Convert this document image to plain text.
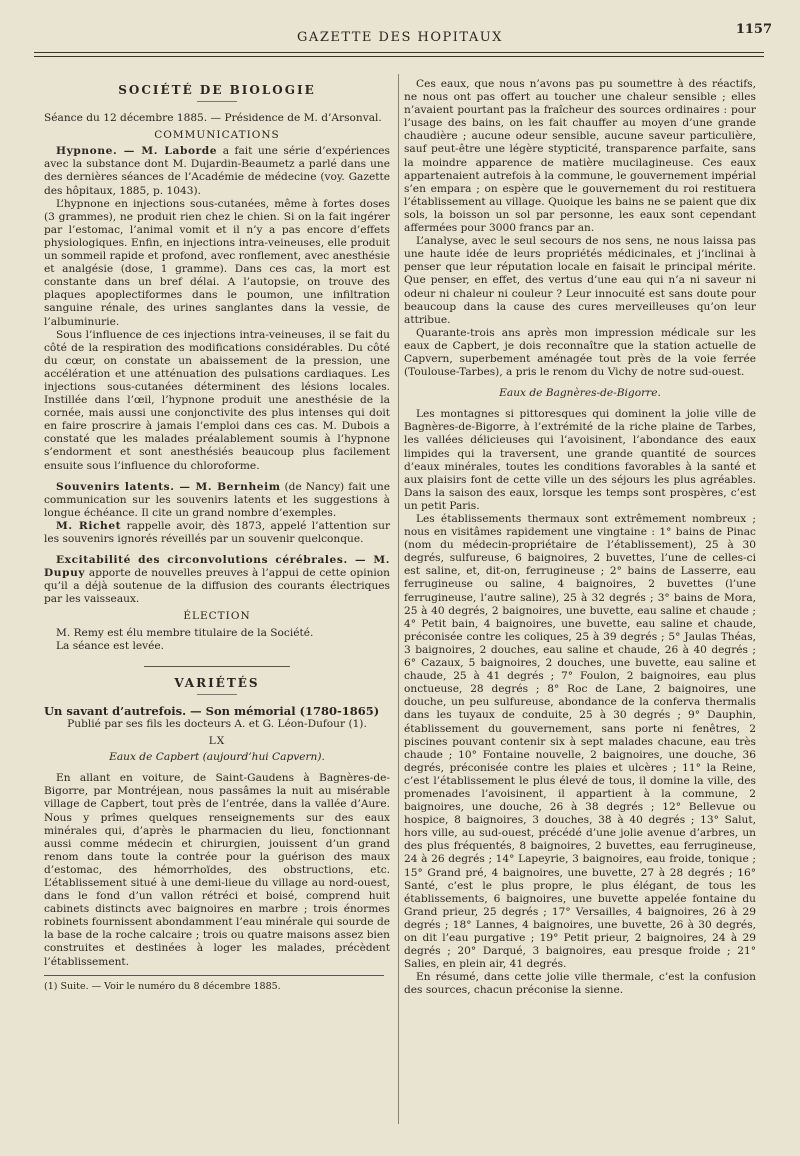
GAZETTE DES HOPITAUX
1157
SOCIÉTÉ DE BIOLOGIE

Séance du 12 décembre 1885. — Présidence de M. d’Arsonval.

COMMUNICATIONS

Hypnone. — M. Laborde a fait une série d’expériences avec la substance dont M. Dujardin-Beaumetz a parlé dans une des dernières séances de l’Académie de médecine (voy. Gazette des hôpitaux, 1885, p. 1043).

L’hypnone en injections sous-cutanées, même à fortes doses (3 grammes), ne produit rien chez le chien. Si on la fait ingérer par l’estomac, l’animal vomit et il n’y a pas encore d’effets physiologiques. Enfin, en injections intra-veineuses, elle produit un sommeil rapide et profond, avec ronflement, avec anesthésie et analgésie (dose, 1 gramme). Dans ces cas, la mort est constante dans un bref délai. A l’autopsie, on trouve des plaques apoplectiformes dans le poumon, une infiltration sanguine rénale, des urines sanglantes dans la vessie, de l’albuminurie.

Sous l’influence de ces injections intra-veineuses, il se fait du côté de la respiration des modifications considérables. Du côté du cœur, on constate un abaissement de la pression, une accélération et une atténuation des pulsations cardiaques. Les injections sous-cutanées déterminent des lésions locales. Instillée dans l’œil, l’hypnone produit une anesthésie de la cornée, mais aussi une conjonctivite des plus intenses qui doit en faire proscrire à jamais l’emploi dans ces cas. M. Dubois a constaté que les malades préalablement soumis à l’hypnone s’endorment et sont anesthésiés beaucoup plus facilement ensuite sous l’influence du chloroforme.

Souvenirs latents. — M. Bernheim (de Nancy) fait une communication sur les souvenirs latents et les suggestions à longue échéance. Il cite un grand nombre d’exemples.

M. Richet rappelle avoir, dès 1873, appelé l’attention sur les souvenirs ignorés réveillés par un souvenir quelconque.

Excitabilité des circonvolutions cérébrales. — M. Dupuy apporte de nouvelles preuves à l’appui de cette opinion qu’il a déjà soutenue de la diffusion des courants électriques par les vaisseaux.

ÉLECTION

M. Remy est élu membre titulaire de la Société.

La séance est levée.

VARIÉTÉS

Un savant d’autrefois. — Son mémorial (1780-1865)

Publié par ses fils les docteurs A. et G. Léon-Dufour (1).

LX

Eaux de Capbert (aujourd’hui Capvern).

En allant en voiture, de Saint-Gaudens à Bagnères-de-Bigorre, par Montréjean, nous passâmes la nuit au misérable village de Capbert, tout près de l’entrée, dans la vallée d’Aure. Nous y prîmes quelques renseignements sur des eaux minérales qui, d’après le pharmacien du lieu, fonctionnant aussi comme médecin et chirurgien, jouissent d’un grand renom dans toute la contrée pour la guérison des maux d’estomac, des hémorrhoïdes, des obstructions, etc. L’établissement situé à une demi-lieue du village au nord-ouest, dans le fond d’un vallon rétréci et boisé, comprend huit cabinets distincts avec baignoires en marbre ; trois énormes robinets fournissent abondamment l’eau minérale qui sourde de la base de la roche calcaire ; trois ou quatre maisons assez bien construites et destinées à loger les malades, précèdent l’établissement.

(1) Suite. — Voir le numéro du 8 décembre 1885.

Ces eaux, que nous n’avons pas pu soumettre à des réactifs, ne nous ont pas offert au toucher une chaleur sensible ; elles n’avaient pourtant pas la fraîcheur des sources ordinaires : pour l’usage des bains, on les fait chauffer au moyen d’une grande chaudière ; aucune odeur sensible, aucune saveur particulière, sauf peut-être une légère stypticité, transparence parfaite, sans la moindre apparence de matière mucilagineuse. Ces eaux appartenaient autrefois à la commune, le gouvernement impérial s’en empara ; on espère que le gouvernement du roi restituera l’établissement au village. Quoique les bains ne se paient que dix sols, la boisson un sol par personne, les eaux sont cependant affermées pour 3000 francs par an.

L’analyse, avec le seul secours de nos sens, ne nous laissa pas une haute idée de leurs propriétés médicinales, et j’inclinai à penser que leur réputation locale en faisait le principal mérite. Que penser, en effet, des vertus d’une eau qui n’a ni saveur ni odeur ni chaleur ni couleur ? Leur innocuité est sans doute pour beaucoup dans la cause des cures merveilleuses qu’on leur attribue.

Quarante-trois ans après mon impression médicale sur les eaux de Capbert, je dois reconnaître que la station actuelle de Capvern, superbement aménagée tout près de la voie ferrée (Toulouse-Tarbes), a pris le renom du Vichy de notre sud-ouest.

Eaux de Bagnères-de-Bigorre.

Les montagnes si pittoresques qui dominent la jolie ville de Bagnères-de-Bigorre, à l’extrémité de la riche plaine de Tarbes, les vallées délicieuses qui l’avoisinent, l’abondance des eaux limpides qui la traversent, une grande quantité de sources d’eaux minérales, toutes les conditions favorables à la santé et aux plaisirs font de cette ville un des séjours les plus agréables. Dans la saison des eaux, lorsque les temps sont prospères, c’est un petit Paris.

Les établissements thermaux sont extrêmement nombreux ; nous en visitâmes rapidement une vingtaine : 1° bains de Pinac (nom du médecin-propriétaire de l’établissement), 25 à 30 degrés, sulfureuse, 6 baignoires, 2 buvettes, l’une de celles-ci est saline, et, dit-on, ferrugineuse ; 2° bains de Lasserre, eau ferrugineuse ou saline, 4 baignoires, 2 buvettes (l’une ferrugineuse, l’autre saline), 25 à 32 degrés ; 3° bains de Mora, 25 à 40 degrés, 2 baignoires, une buvette, eau saline et chaude ; 4° Petit bain, 4 baignoires, une buvette, eau saline et chaude, préconisée contre les coliques, 25 à 39 degrés ; 5° Jaulas Théas, 3 baignoires, 2 douches, eau saline et chaude, 26 à 40 degrés ; 6° Cazaux, 5 baignoires, 2 douches, une buvette, eau saline et chaude, 25 à 41 degrés ; 7° Foulon, 2 baignoires, eau plus onctueuse, 28 degrés ; 8° Roc de Lane, 2 baignoires, une douche, un peu sulfureuse, abondance de la conferva thermalis dans les tuyaux de conduite, 25 à 30 degrés ; 9° Dauphin, établissement du gouvernement, sans porte ni fenêtres, 2 piscines pouvant contenir six à sept malades chacune, eau très chaude ; 10° Fontaine nouvelle, 2 baignoires, une douche, 36 degrés, préconisée contre les plaies et ulcères ; 11° la Reine, c’est l’établissement le plus élevé de tous, il domine la ville, des promenades l’avoisinent, il appartient à la commune, 2 baignoires, une douche, 26 à 38 degrés ; 12° Bellevue ou hospice, 8 baignoires, 3 douches, 38 à 40 degrés ; 13° Salut, hors ville, au sud-ouest, précédé d’une jolie avenue d’arbres, un des plus fréquentés, 8 baignoires, 2 buvettes, eau ferrugineuse, 24 à 26 degrés ; 14° Lapeyrie, 3 baignoires, eau froide, tonique ; 15° Grand pré, 4 baignoires, une buvette, 27 à 28 degrés ; 16° Santé, c’est le plus propre, le plus élégant, de tous les établissements, 6 baignoires, une buvette appelée fontaine du Grand prieur, 25 degrés ; 17° Versailles, 4 baignoires, 26 à 29 degrés ; 18° Lannes, 4 baignoires, une buvette, 26 à 30 degrés, on dit l’eau purgative ; 19° Petit prieur, 2 baignoires, 24 à 29 degrés ; 20° Darqué, 3 baignoires, eau presque froide ; 21° Salies, en plein air, 41 degrés.

En résumé, dans cette jolie ville thermale, c’est la confusion des sources, chacun préconise la sienne.
